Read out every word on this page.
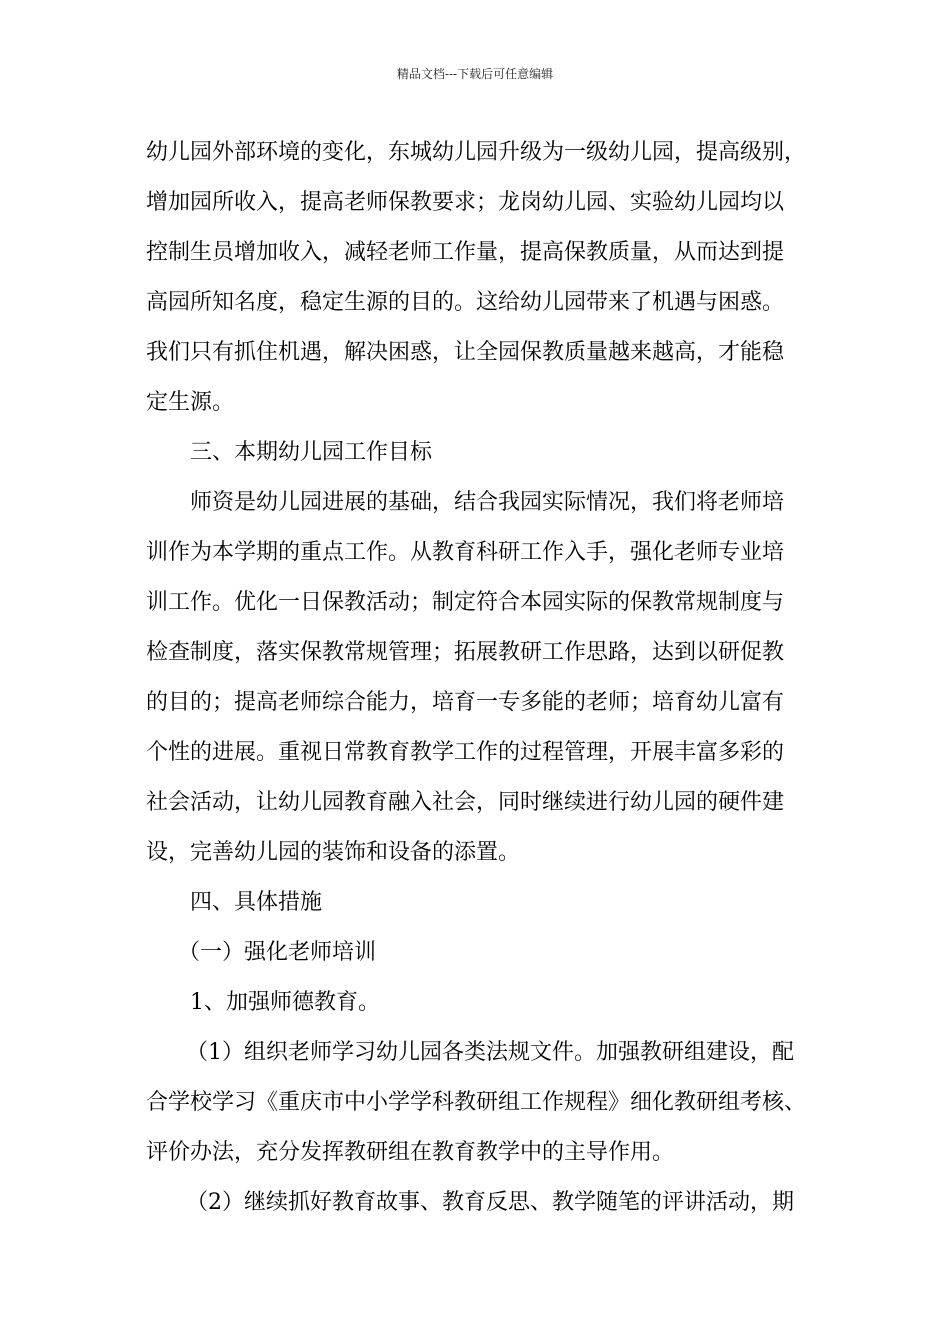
精品文档---下载后可任意编辑
幼儿园外部环境的变化，东城幼儿园升级为一级幼儿园，提高级别，
增加园所收入，提高老师保教要求；龙岗幼儿园、实验幼儿园均以
控制生员增加收入，减轻老师工作量，提高保教质量，从而达到提
高园所知名度，稳定生源的目的。这给幼儿园带来了机遇与困惑。
我们只有抓住机遇，解决困惑，让全园保教质量越来越高，才能稳
定生源。
三、本期幼儿园工作目标
师资是幼儿园进展的基础，结合我园实际情况，我们将老师培
训作为本学期的重点工作。从教育科研工作入手，强化老师专业培
训工作。优化一日保教活动；制定符合本园实际的保教常规制度与
检查制度，落实保教常规管理；拓展教研工作思路，达到以研促教
的目的；提高老师综合能力，培育一专多能的老师；培育幼儿富有
个性的进展。重视日常教育教学工作的过程管理，开展丰富多彩的
社会活动，让幼儿园教育融入社会，同时继续进行幼儿园的硬件建
设，完善幼儿园的装饰和设备的添置。
四、具体措施
（一）强化老师培训
1、加强师德教育。
（1）组织老师学习幼儿园各类法规文件。加强教研组建设，配
合学校学习《重庆市中小学学科教研组工作规程》细化教研组考核、
评价办法，充分发挥教研组在教育教学中的主导作用。
（2）继续抓好教育故事、教育反思、教学随笔的评讲活动，期
